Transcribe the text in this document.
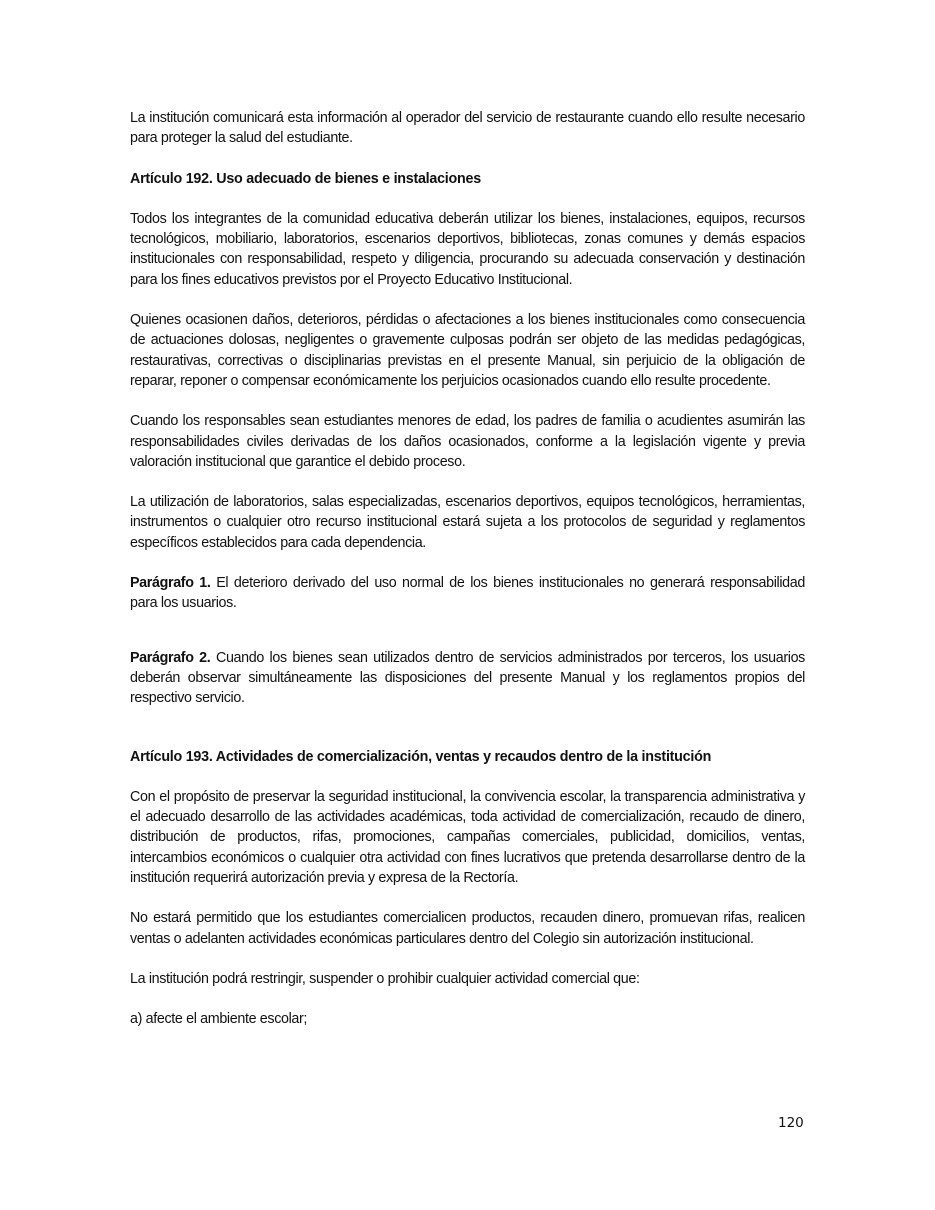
La institución comunicará esta información al operador del servicio de restaurante cuando ello resulte necesario para proteger la salud del estudiante.

Artículo 192. Uso adecuado de bienes e instalaciones

Todos los integrantes de la comunidad educativa deberán utilizar los bienes, instalaciones, equipos, recursos tecnológicos, mobiliario, laboratorios, escenarios deportivos, bibliotecas, zonas comunes y demás espacios institucionales con responsabilidad, respeto y diligencia, procurando su adecuada conservación y destinación para los fines educativos previstos por el Proyecto Educativo Institucional.

Quienes ocasionen daños, deterioros, pérdidas o afectaciones a los bienes institucionales como consecuencia de actuaciones dolosas, negligentes o gravemente culposas podrán ser objeto de las medidas pedagógicas, restaurativas, correctivas o disciplinarias previstas en el presente Manual, sin perjuicio de la obligación de reparar, reponer o compensar económicamente los perjuicios ocasionados cuando ello resulte procedente.

Cuando los responsables sean estudiantes menores de edad, los padres de familia o acudientes asumirán las responsabilidades civiles derivadas de los daños ocasionados, conforme a la legislación vigente y previa valoración institucional que garantice el debido proceso.

La utilización de laboratorios, salas especializadas, escenarios deportivos, equipos tecnológicos, herramientas, instrumentos o cualquier otro recurso institucional estará sujeta a los protocolos de seguridad y reglamentos específicos establecidos para cada dependencia.

Parágrafo 1. El deterioro derivado del uso normal de los bienes institucionales no generará responsabilidad para los usuarios.

Parágrafo 2. Cuando los bienes sean utilizados dentro de servicios administrados por terceros, los usuarios deberán observar simultáneamente las disposiciones del presente Manual y los reglamentos propios del respectivo servicio.

Artículo 193. Actividades de comercialización, ventas y recaudos dentro de la institución

Con el propósito de preservar la seguridad institucional, la convivencia escolar, la transparencia administrativa y el adecuado desarrollo de las actividades académicas, toda actividad de comercialización, recaudo de dinero, distribución de productos, rifas, promociones, campañas comerciales, publicidad, domicilios, ventas, intercambios económicos o cualquier otra actividad con fines lucrativos que pretenda desarrollarse dentro de la institución requerirá autorización previa y expresa de la Rectoría.

No estará permitido que los estudiantes comercialicen productos, recauden dinero, promuevan rifas, realicen ventas o adelanten actividades económicas particulares dentro del Colegio sin autorización institucional.

La institución podrá restringir, suspender o prohibir cualquier actividad comercial que:

a) afecte el ambiente escolar;

120
